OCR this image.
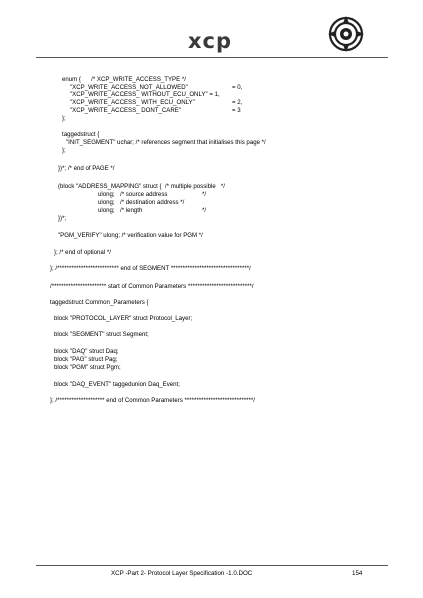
xcp
enum {      /* XCP_WRITE_ACCESS_TYPE */
"XCP_WRITE_ACCESS_NOT_ALLOWED"	= 0,
"XCP_WRITE_ACCESS_ WITHOUT_ECU_ONLY" = 1,
"XCP_WRITE_ACCESS_ WITH_ECU_ONLY"	= 2,
"XCP_WRITE_ACCESS_ DONT_CARE"	= 3
};
taggedstruct {
"INIT_SEGMENT" uchar; /* references segment that initialises this page */
};
})*; /* end of PAGE */
(block "ADDRESS_MAPPING" struct {  /* multiple possible   */
ulong; /* source address	*/
ulong; /* destination address */
ulong; /* length	*/
})*;
"PGM_VERIFY" ulong; /* verification value for PGM */
}; /* end of optional */
}; /************************** end of SEGMENT *********************************/
/*********************** start of Common Parameters ***************************/
taggedstruct Common_Parameters {
block "PROTOCOL_LAYER" struct Protocol_Layer;
block "SEGMENT" struct Segment;
block "DAQ" struct Daq;
block "PAG" struct Pag;
block "PGM" struct Pgm;
block "DAQ_EVENT" taggedunion Daq_Event;
}; /******************** end of Common Parameters *****************************/
XCP -Part 2- Protocol Layer Specification -1.0.DOC	154
